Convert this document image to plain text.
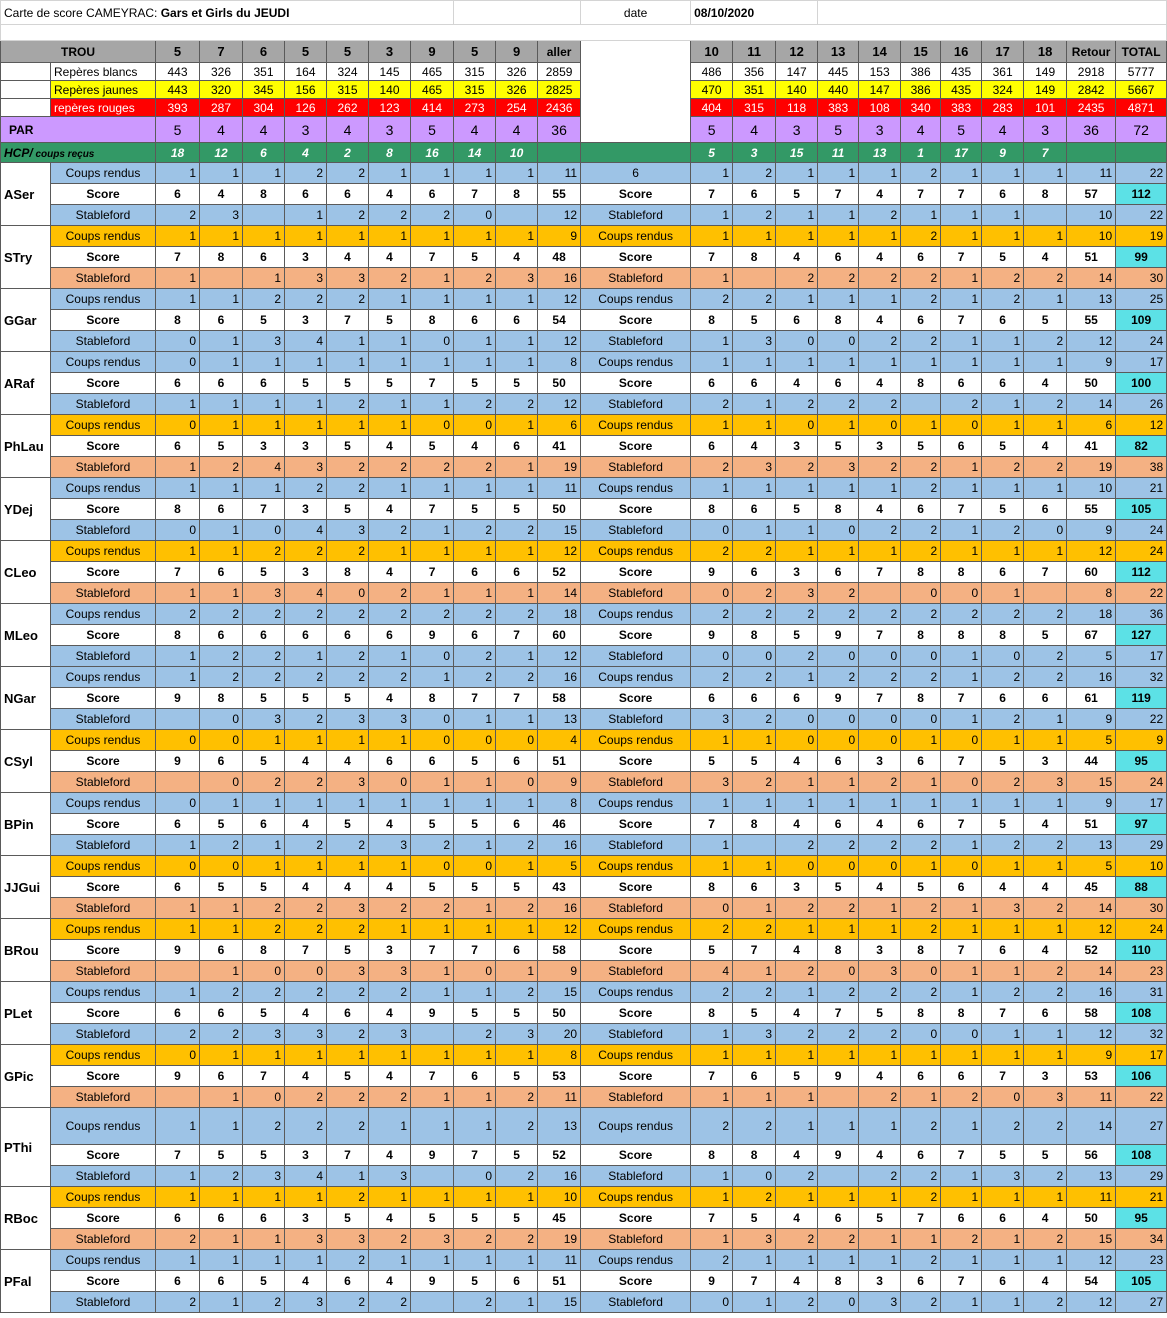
Carte de score CAMEYRAC: Gars et Girls du JEUDI												date	08/10/2020										

TROU		5	7	6	5	5	3	9	5	9	aller		10	11	12	13	14	15	16	17	18	Retour	TOTAL
	Repères blancs	443	326	351	164	324	145	465	315	326	2859		486	356	147	445	153	386	435	361	149	2918	5777
	Repères jaunes	443	320	345	156	315	140	465	315	326	2825		470	351	140	440	147	386	435	324	149	2842	5667
	repères rouges	393	287	304	126	262	123	414	273	254	2436		404	315	118	383	108	340	383	283	101	2435	4871
PAR		5	4	4	3	4	3	5	4	4	36		5	4	3	5	3	4	5	4	3	36	72
HCP/ coups reçus		18	12	6	4	2	8	16	14	10			5	3	15	11	13	1	17	9	7		
ASer	Coups rendus	1	1	1	2	2	1	1	1	1	11	6	1	2	1	1	1	2	1	1	1	11	22
	Score	6	4	8	6	6	4	6	7	8	55	Score	7	6	5	7	4	7	7	6	8	57	112
	Stableford	2	3		1	2	2	2	0		12	Stableford	1	2	1	1	2	1	1	1		10	22
STry	Coups rendus	1	1	1	1	1	1	1	1	1	9	Coups rendus	1	1	1	1	1	2	1	1	1	10	19
	Score	7	8	6	3	4	4	7	5	4	48	Score	7	8	4	6	4	6	7	5	4	51	99
	Stableford	1		1	3	3	2	1	2	3	16	Stableford	1		2	2	2	2	1	2	2	14	30
GGar	Coups rendus	1	1	2	2	2	1	1	1	1	12	Coups rendus	2	2	1	1	1	2	1	2	1	13	25
	Score	8	6	5	3	7	5	8	6	6	54	Score	8	5	6	8	4	6	7	6	5	55	109
	Stableford	0	1	3	4	1	1	0	1	1	12	Stableford	1	3	0	0	2	2	1	1	2	12	24
ARaf	Coups rendus	0	1	1	1	1	1	1	1	1	8	Coups rendus	1	1	1	1	1	1	1	1	1	9	17
	Score	6	6	6	5	5	5	7	5	5	50	Score	6	6	4	6	4	8	6	6	4	50	100
	Stableford	1	1	1	1	2	1	1	2	2	12	Stableford	2	1	2	2	2		2	1	2	14	26
PhLau	Coups rendus	0	1	1	1	1	1	0	0	1	6	Coups rendus	1	1	0	1	0	1	0	1	1	6	12
	Score	6	5	3	3	5	4	5	4	6	41	Score	6	4	3	5	3	5	6	5	4	41	82
	Stableford	1	2	4	3	2	2	2	2	1	19	Stableford	2	3	2	3	2	2	1	2	2	19	38
YDej	Coups rendus	1	1	1	2	2	1	1	1	1	11	Coups rendus	1	1	1	1	1	2	1	1	1	10	21
	Score	8	6	7	3	5	4	7	5	5	50	Score	8	6	5	8	4	6	7	5	6	55	105
	Stableford	0	1	0	4	3	2	1	2	2	15	Stableford	0	1	1	0	2	2	1	2	0	9	24
CLeo	Coups rendus	1	1	2	2	2	1	1	1	1	12	Coups rendus	2	2	1	1	1	2	1	1	1	12	24
	Score	7	6	5	3	8	4	7	6	6	52	Score	9	6	3	6	7	8	8	6	7	60	112
	Stableford	1	1	3	4	0	2	1	1	1	14	Stableford	0	2	3	2		0	0	1		8	22
MLeo	Coups rendus	2	2	2	2	2	2	2	2	2	18	Coups rendus	2	2	2	2	2	2	2	2	2	18	36
	Score	8	6	6	6	6	6	9	6	7	60	Score	9	8	5	9	7	8	8	8	5	67	127
	Stableford	1	2	2	1	2	1	0	2	1	12	Stableford	0	0	2	0	0	0	1	0	2	5	17
NGar	Coups rendus	1	2	2	2	2	2	1	2	2	16	Coups rendus	2	2	1	2	2	2	1	2	2	16	32
	Score	9	8	5	5	5	4	8	7	7	58	Score	6	6	6	9	7	8	7	6	6	61	119
	Stableford		0	3	2	3	3	0	1	1	13	Stableford	3	2	0	0	0	0	1	2	1	9	22
CSyl	Coups rendus	0	0	1	1	1	1	0	0	0	4	Coups rendus	1	1	0	0	0	1	0	1	1	5	9
	Score	9	6	5	4	4	6	6	5	6	51	Score	5	5	4	6	3	6	7	5	3	44	95
	Stableford		0	2	2	3	0	1	1	0	9	Stableford	3	2	1	1	2	1	0	2	3	15	24
BPin	Coups rendus	0	1	1	1	1	1	1	1	1	8	Coups rendus	1	1	1	1	1	1	1	1	1	9	17
	Score	6	5	6	4	5	4	5	5	6	46	Score	7	8	4	6	4	6	7	5	4	51	97
	Stableford	1	2	1	2	2	3	2	1	2	16	Stableford	1		2	2	2	2	1	2	2	13	29
JJGui	Coups rendus	0	0	1	1	1	1	0	0	1	5	Coups rendus	1	1	0	0	0	1	0	1	1	5	10
	Score	6	5	5	4	4	4	5	5	5	43	Score	8	6	3	5	4	5	6	4	4	45	88
	Stableford	1	1	2	2	3	2	2	1	2	16	Stableford	0	1	2	2	1	2	1	3	2	14	30
BRou	Coups rendus	1	1	2	2	2	1	1	1	1	12	Coups rendus	2	2	1	1	1	2	1	1	1	12	24
	Score	9	6	8	7	5	3	7	7	6	58	Score	5	7	4	8	3	8	7	6	4	52	110
	Stableford		1	0	0	3	3	1	0	1	9	Stableford	4	1	2	0	3	0	1	1	2	14	23
PLet	Coups rendus	1	2	2	2	2	2	1	1	2	15	Coups rendus	2	2	1	2	2	2	1	2	2	16	31
	Score	6	6	5	4	6	4	9	5	5	50	Score	8	5	4	7	5	8	8	7	6	58	108
	Stableford	2	2	3	3	2	3		2	3	20	Stableford	1	3	2	2	2	0	0	1	1	12	32
GPic	Coups rendus	0	1	1	1	1	1	1	1	1	8	Coups rendus	1	1	1	1	1	1	1	1	1	9	17
	Score	9	6	7	4	5	4	7	6	5	53	Score	7	6	5	9	4	6	6	7	3	53	106
	Stableford		1	0	2	2	2	1	1	2	11	Stableford	1	1	1		2	1	2	0	3	11	22
PThi	Coups rendus	1	1	2	2	2	1	1	1	2	13	Coups rendus	2	2	1	1	1	2	1	2	2	14	27
	Score	7	5	5	3	7	4	9	7	5	52	Score	8	8	4	9	4	6	7	5	5	56	108
	Stableford	1	2	3	4	1	3		0	2	16	Stableford	1	0	2		2	2	1	3	2	13	29
RBoc	Coups rendus	1	1	1	1	2	1	1	1	1	10	Coups rendus	1	2	1	1	1	2	1	1	1	11	21
	Score	6	6	6	3	5	4	5	5	5	45	Score	7	5	4	6	5	7	6	6	4	50	95
	Stableford	2	1	1	3	3	2	3	2	2	19	Stableford	1	3	2	2	1	1	2	1	2	15	34
PFal	Coups rendus	1	1	1	1	2	1	1	1	1	11	Coups rendus	2	1	1	1	1	2	1	1	1	12	23
	Score	6	6	5	4	6	4	9	5	6	51	Score	9	7	4	8	3	6	7	6	4	54	105
	Stableford	2	1	2	3	2	2		2	1	15	Stableford	0	1	2	0	3	2	1	1	2	12	27
